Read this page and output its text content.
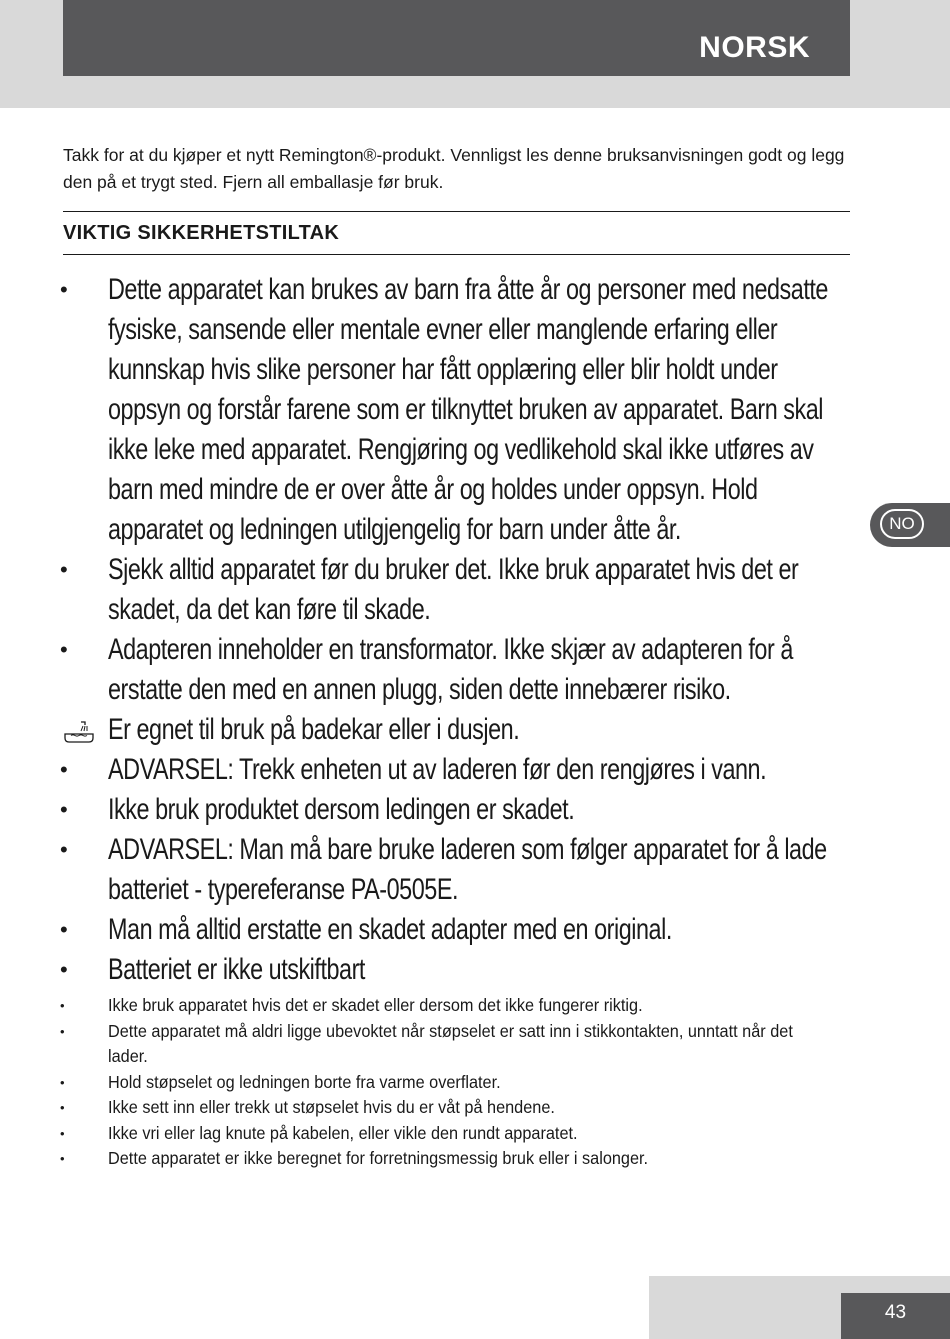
NORSK
Takk for at du kjøper et nytt Remington®-produkt. Vennligst les denne bruksanvisningen godt og legg den på et trygt sted. Fjern all emballasje før bruk.
VIKTIG SIKKERHETSTILTAK
• Dette apparatet kan brukes av barn fra åtte år og personer med nedsatte fysiske, sansende eller mentale evner eller manglende erfaring eller kunnskap hvis slike personer har fått opplæring eller blir holdt under oppsyn og forstår farene som er tilknyttet bruken av apparatet. Barn skal ikke leke med apparatet. Rengjøring og vedlikehold skal ikke utføres av barn med mindre de er over åtte år og holdes under oppsyn. Hold apparatet og ledningen utilgjengelig for barn under åtte år.
• Sjekk alltid apparatet før du bruker det. Ikke bruk apparatet hvis det er skadet, da det kan føre til skade.
• Adapteren inneholder en transformator. Ikke skjær av adapteren for å erstatte den med en annen plugg, siden dette innebærer risiko.
Er egnet til bruk på badekar eller i dusjen.
• ADVARSEL: Trekk enheten ut av laderen før den rengjøres i vann.
• Ikke bruk produktet dersom ledingen er skadet.
• ADVARSEL: Man må bare bruke laderen som følger apparatet for å lade batteriet - typereferanse PA-0505E.
• Man må alltid erstatte en skadet adapter med en original.
• Batteriet er ikke utskiftbart
• Ikke bruk apparatet hvis det er skadet eller dersom det ikke fungerer riktig.
• Dette apparatet må aldri ligge ubevoktet når støpselet er satt inn i stikkontakten, unntatt når det lader.
• Hold støpselet og ledningen borte fra varme overflater.
• Ikke sett inn eller trekk ut støpselet hvis du er våt på hendene.
• Ikke vri eller lag knute på kabelen, eller vikle den rundt apparatet.
• Dette apparatet er ikke beregnet for forretningsmessig bruk eller i salonger.
NO
43
